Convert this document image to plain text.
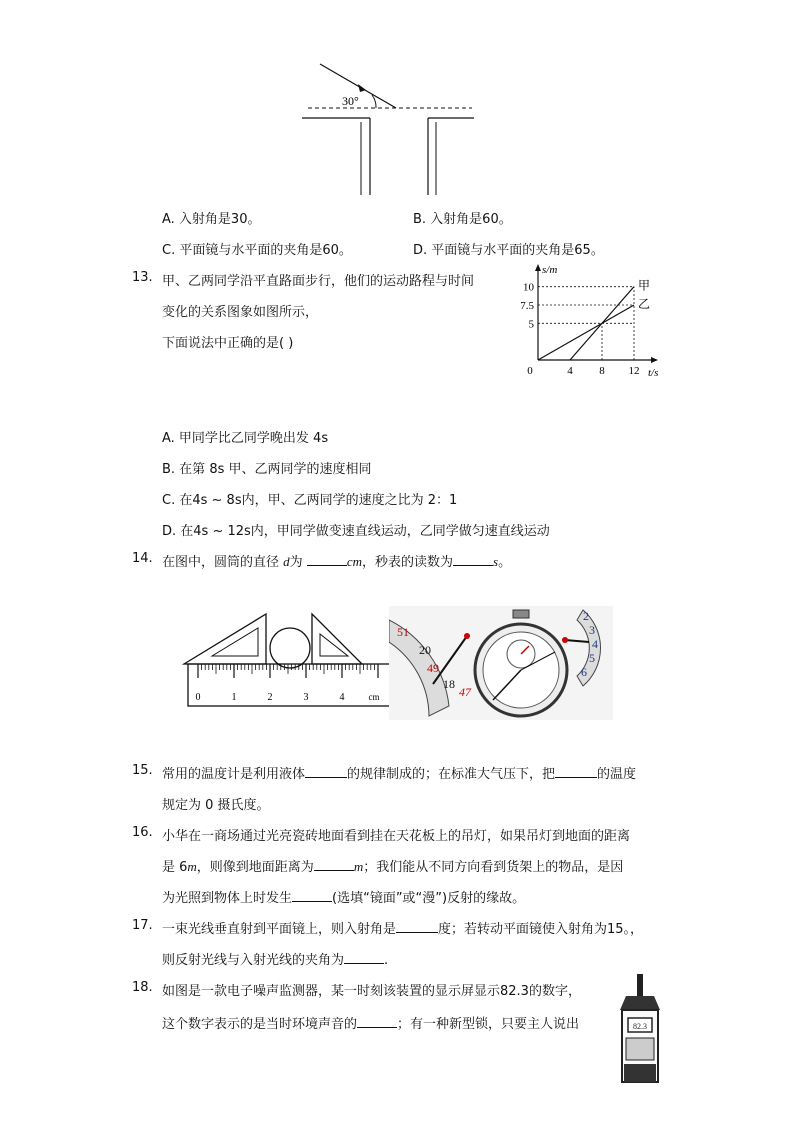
30°
A. 入射角是30。	B. 入射角是60。
C. 平面镜与水平面的夹角是60。	D. 平面镜与水平面的夹角是65。
13. 甲、乙两同学沿平直路面步行，他们的运动路程与时间
变化的关系图象如图所示，
下面说法中正确的是( )
s/m
t/s
0	4 8 12
5
7.5
10	甲
乙
A. 甲同学比乙同学晚出发 4s
B. 在第 8s 甲、乙两同学的速度相同
C. 在4s ~ 8s内，甲、乙两同学的速度之比为 2：1
D. 在4s ~ 12s内，甲同学做变速直线运动，乙同学做匀速直线运动
14. 在图中，圆筒的直径 d为	cm，秒表的读数为	s。
0	1	2	3	4	cm
51
20
49
18
47
2
3
4
5
6
15. 常用的温度计是利用液体	的规律制成的；在标准大气压下，把	的温度
规定为 0 摄氏度。
16. 小华在一商场通过光亮瓷砖地面看到挂在天花板上的吊灯，如果吊灯到地面的距离
是 6m，则像到地面距离为	m；我们能从不同方向看到货架上的物品，是因
为光照到物体上时发生	(选填“镜面”或“漫”)反射的缘故。
17. 一束光线垂直射到平面镜上，则入射角是	度；若转动平面镜使入射角为15。，
则反射光线与入射光线的夹角为	.
18. 如图是一款电子噪声监测器，某一时刻该装置的显示屏显示82.3的数字，
这个数字表示的是当时环境声音的	；有一种新型锁，只要主人说出	82.3
